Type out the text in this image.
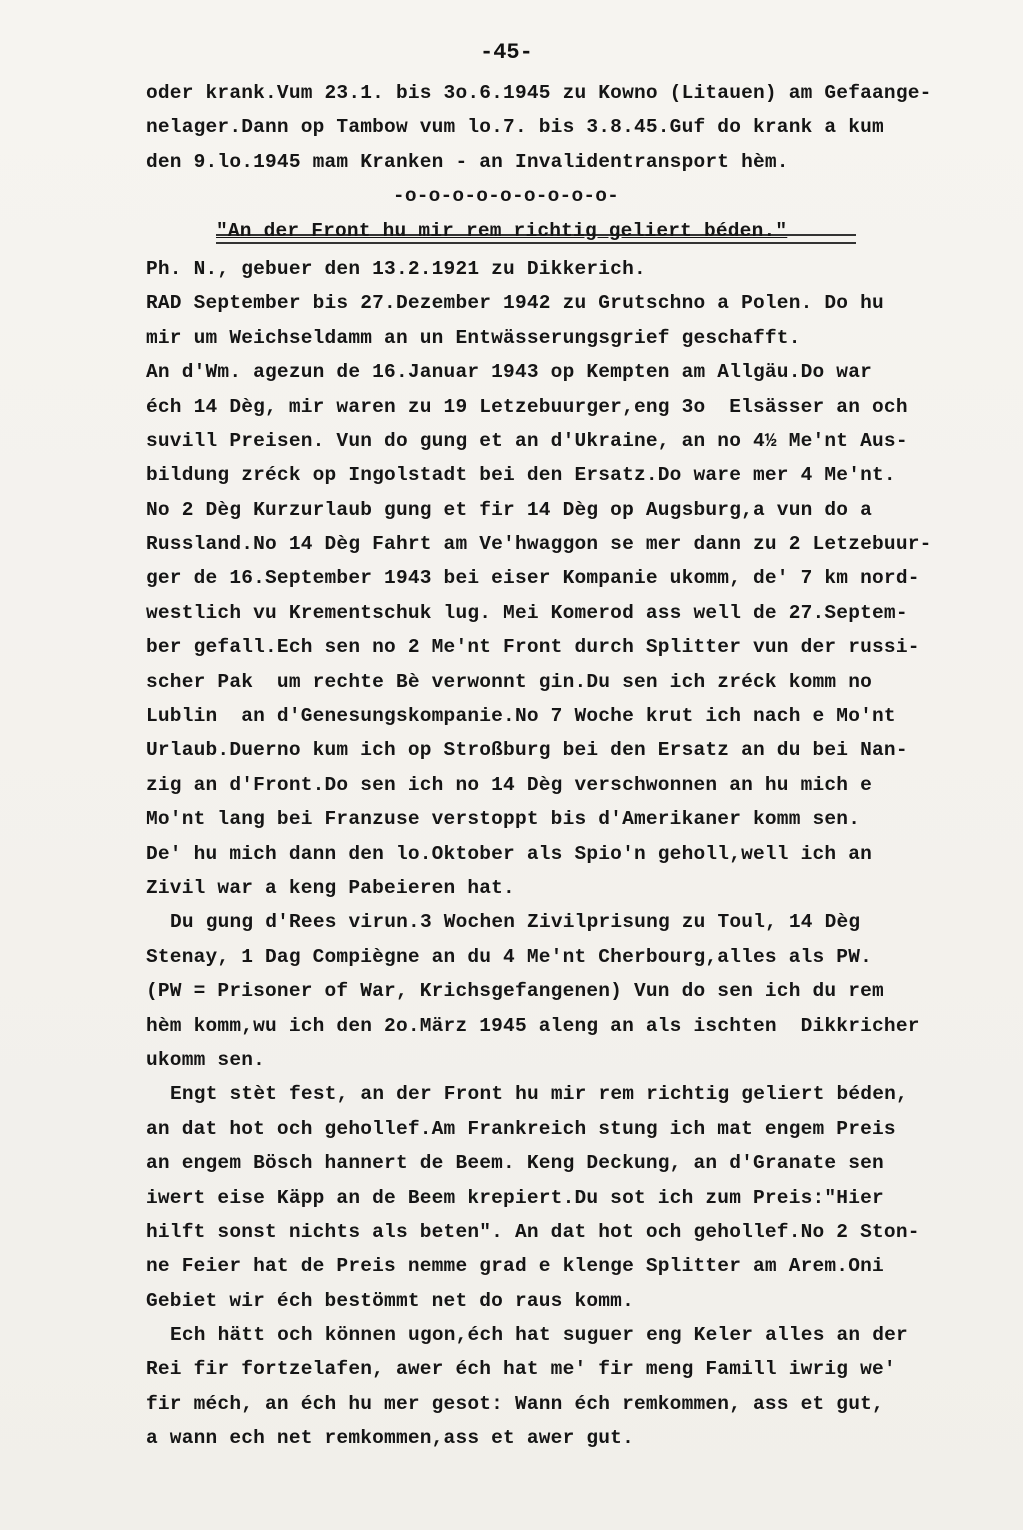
-45-
oder krank.Vum 23.1. bis 3o.6.1945 zu Kowno (Litauen) am Gefaange-
nelager.Dann op Tambow vum lo.7. bis 3.8.45.Guf do krank a kum
den 9.lo.1945 mam Kranken - an Invalidentransport hèm.
-o-o-o-o-o-o-o-o-o-
"An der Front hu mir rem richtig geliert béden."
Ph. N., gebuer den 13.2.1921 zu Dikkerich.
RAD September bis 27.Dezember 1942 zu Grutschno a Polen. Do hu
mir um Weichseldamm an un Entwässerungsgrief geschafft.
An d'Wm. agezun de 16.Januar 1943 op Kempten am Allgäu.Do war
éch 14 Dèg, mir waren zu 19 Letzebuurger,eng 3o  Elsässer an och
suvill Preisen. Vun do gung et an d'Ukraine, an no 4½ Me'nt Aus-
bildung zréck op Ingolstadt bei den Ersatz.Do ware mer 4 Me'nt.
No 2 Dèg Kurzurlaub gung et fir 14 Dèg op Augsburg,a vun do a
Russland.No 14 Dèg Fahrt am Ve'hwaggon se mer dann zu 2 Letzebuur-
ger de 16.September 1943 bei eiser Kompanie ukomm, de' 7 km nord-
westlich vu Krementschuk lug. Mei Komerod ass well de 27.Septem-
ber gefall.Ech sen no 2 Me'nt Front durch Splitter vun der russi-
scher Pak  um rechte Bè verwonnt gin.Du sen ich zréck komm no
Lublin  an d'Genesungskompanie.No 7 Woche krut ich nach e Mo'nt
Urlaub.Duerno kum ich op Stroßburg bei den Ersatz an du bei Nan-
zig an d'Front.Do sen ich no 14 Dèg verschwonnen an hu mich e
Mo'nt lang bei Franzuse verstoppt bis d'Amerikaner komm sen.
De' hu mich dann den lo.Oktober als Spio'n geholl,well ich an
Zivil war a keng Pabeieren hat.
Du gung d'Rees virun.3 Wochen Zivilprisung zu Toul, 14 Dèg
Stenay, 1 Dag Compiègne an du 4 Me'nt Cherbourg,alles als PW.
(PW = Prisoner of War, Krichsgefangenen) Vun do sen ich du rem
hèm komm,wu ich den 2o.März 1945 aleng an als ischten  Dikkricher
ukomm sen.
Engt stèt fest, an der Front hu mir rem richtig geliert béden,
an dat hot och gehollef.Am Frankreich stung ich mat engem Preis
an engem Bösch hannert de Beem. Keng Deckung, an d'Granate sen
iwert eise Käpp an de Beem krepiert.Du sot ich zum Preis:"Hier
hilft sonst nichts als beten". An dat hot och gehollef.No 2 Ston-
ne Feier hat de Preis nemme grad e klenge Splitter am Arem.Oni
Gebiet wir éch bestömmt net do raus komm.
Ech hätt och können ugon,éch hat suguer eng Keler alles an der
Rei fir fortzelafen, awer éch hat me' fir meng Famill iwrig we'
fir méch, an éch hu mer gesot: Wann éch remkommen, ass et gut,
a wann ech net remkommen,ass et awer gut.
